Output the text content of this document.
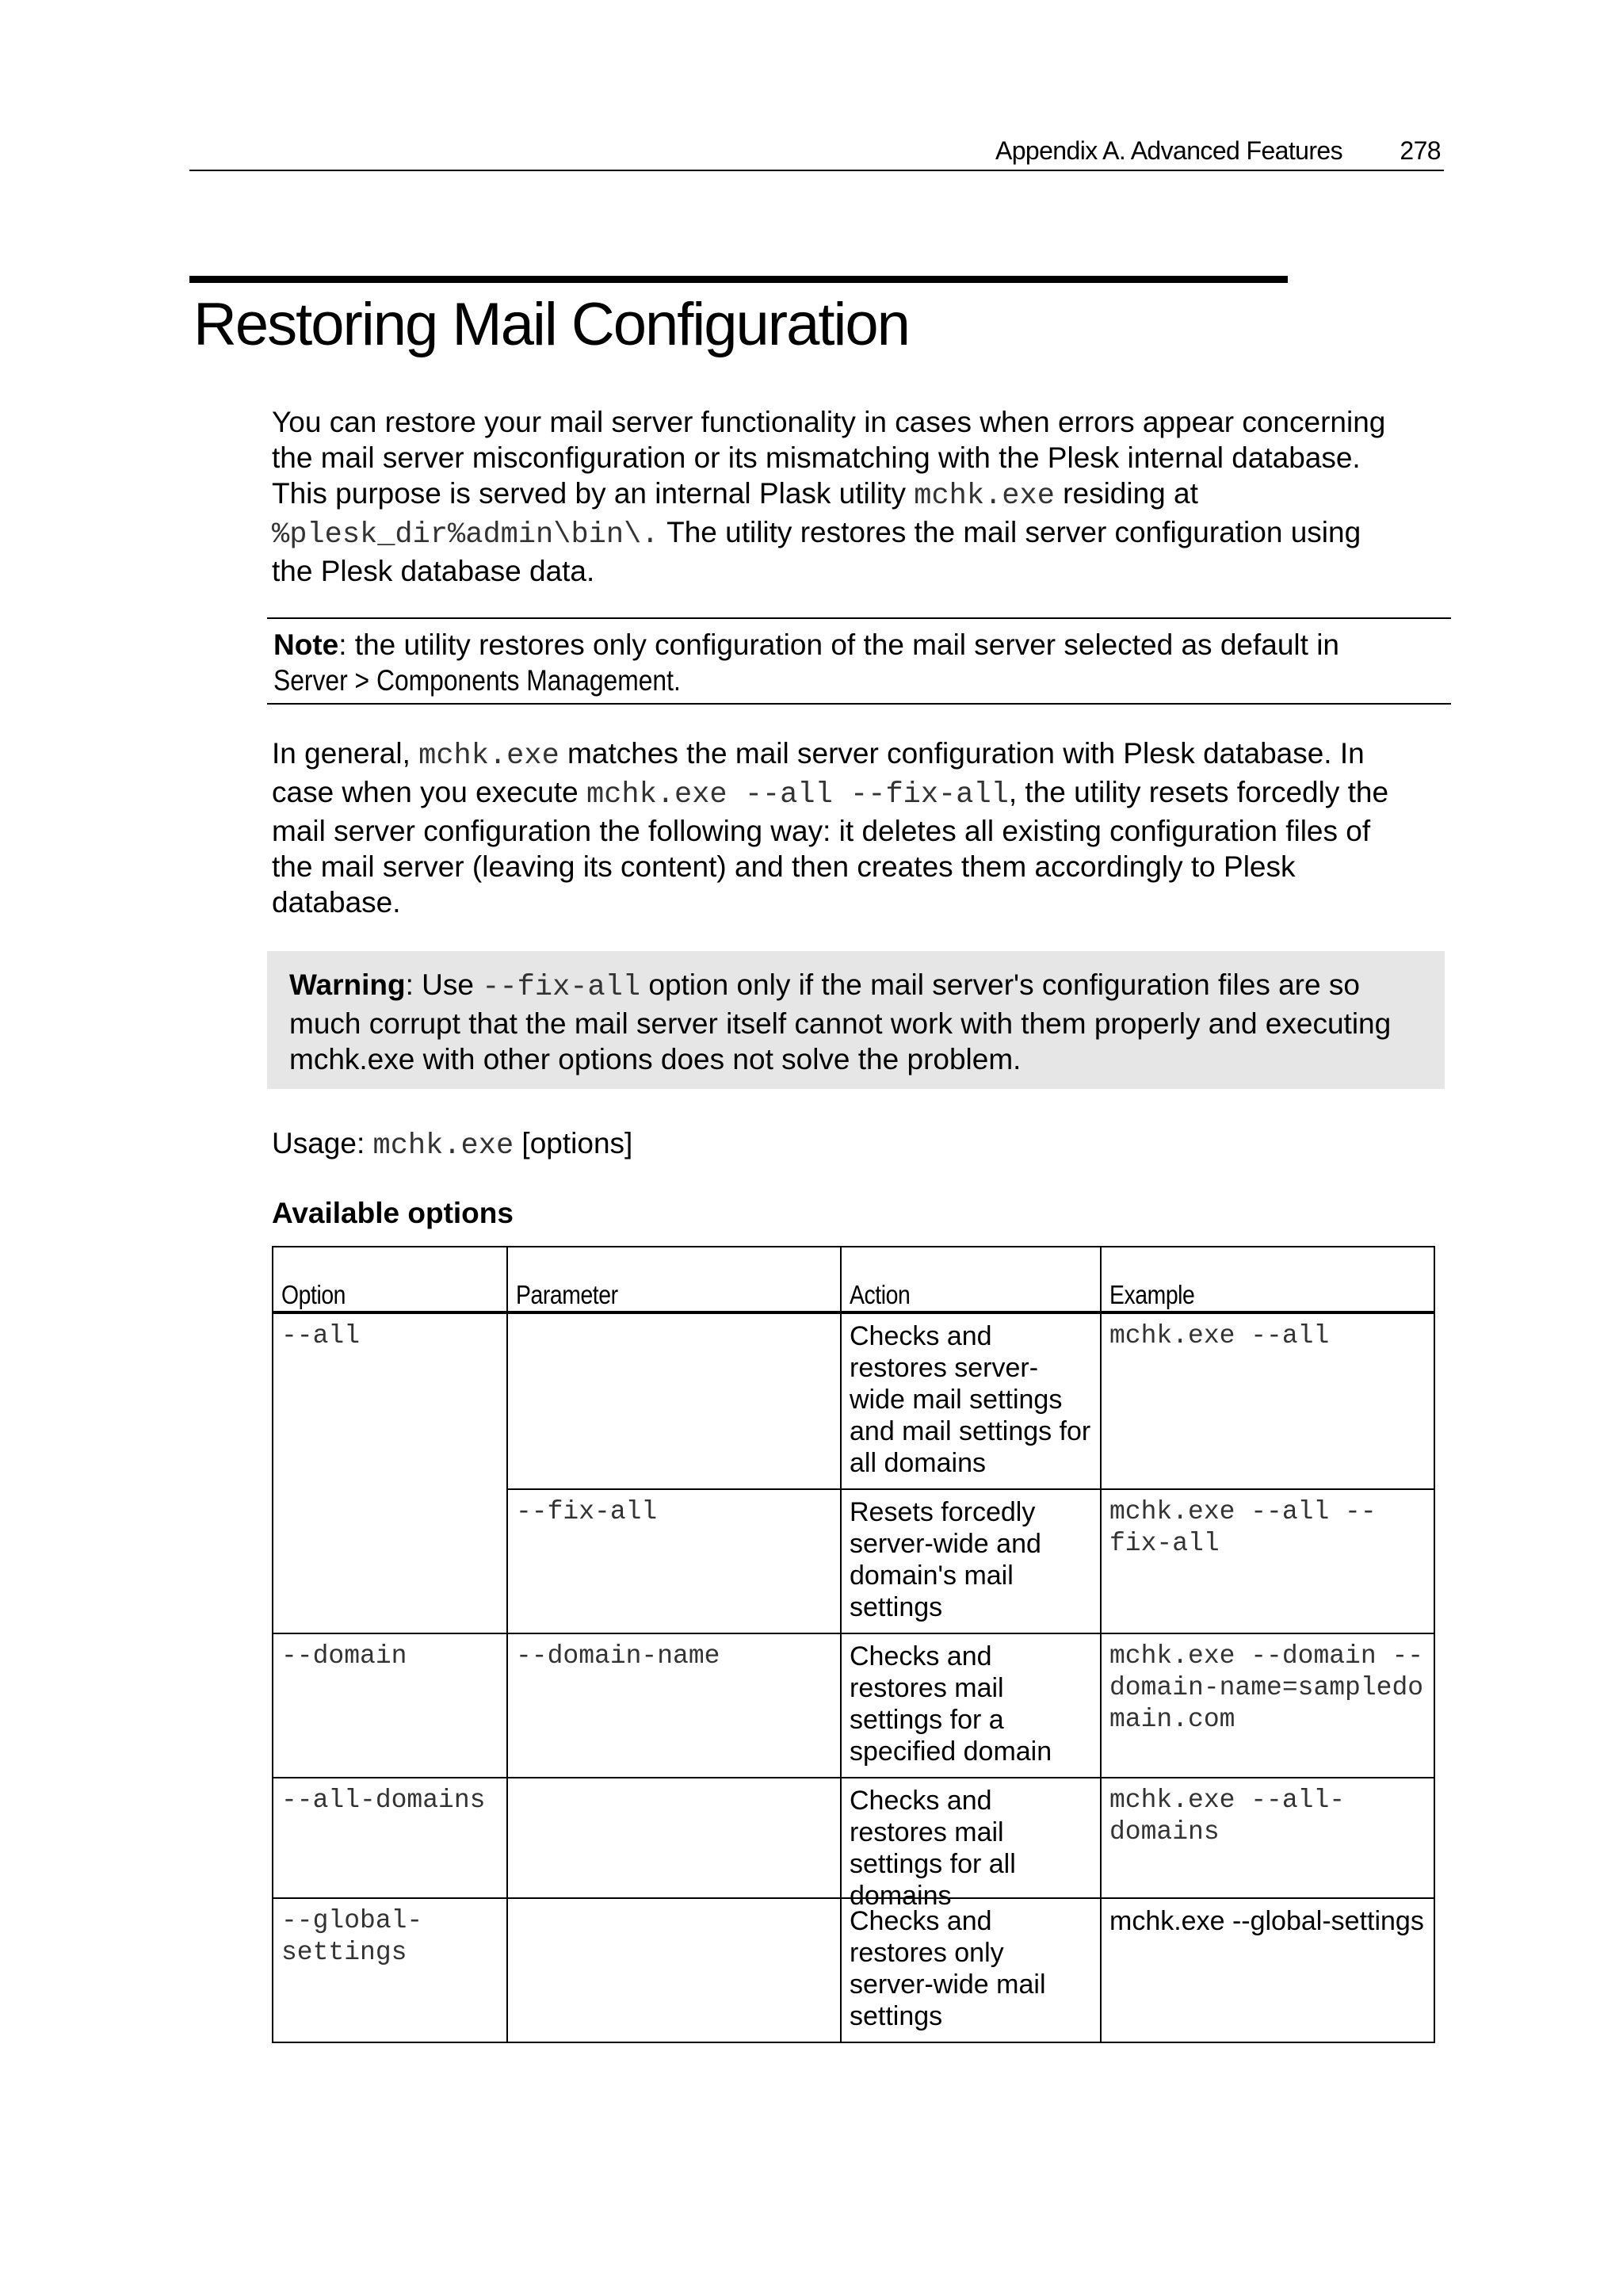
Appendix A. Advanced Features 278
Restoring Mail Configuration

You can restore your mail server functionality in cases when errors appear concerning

the mail server misconfiguration or its mismatching with the Plesk internal database.

This purpose is served by an internal Plask utility mchk.exe residing at

%plesk_dir%admin\bin\. The utility restores the mail server configuration using

the Plesk database data.

Note: the utility restores only configuration of the mail server selected as default in
Server > Components Management.

In general, mchk.exe matches the mail server configuration with Plesk database. In

case when you execute mchk.exe --all --fix-all, the utility resets forcedly the

mail server configuration the following way: it deletes all existing configuration files of

the mail server (leaving its content) and then creates them accordingly to Plesk

database.

Warning: Use --fix-all option only if the mail server's configuration files are so
much corrupt that the mail server itself cannot work with them properly and executing
mchk.exe with other options does not solve the problem.
Usage: mchk.exe [options]
Available options
Option	Parameter	Action	Example
--all		Checks and restores server-wide mail settings and mail settings for all domains	mchk.exe --all
	--fix-all	Resets forcedly server-wide and domain's mail settings	mchk.exe --all --fix-all
--domain	--domain-name	Checks and restores mail settings for a specified domain	mchk.exe --domain --domain-name=sampledomain.com
--all-domains		Checks and restores mail settings for all domains	mchk.exe --all-domains
--global-settings		Checks and restores only server-wide mail settings	mchk.exe --global-settings
